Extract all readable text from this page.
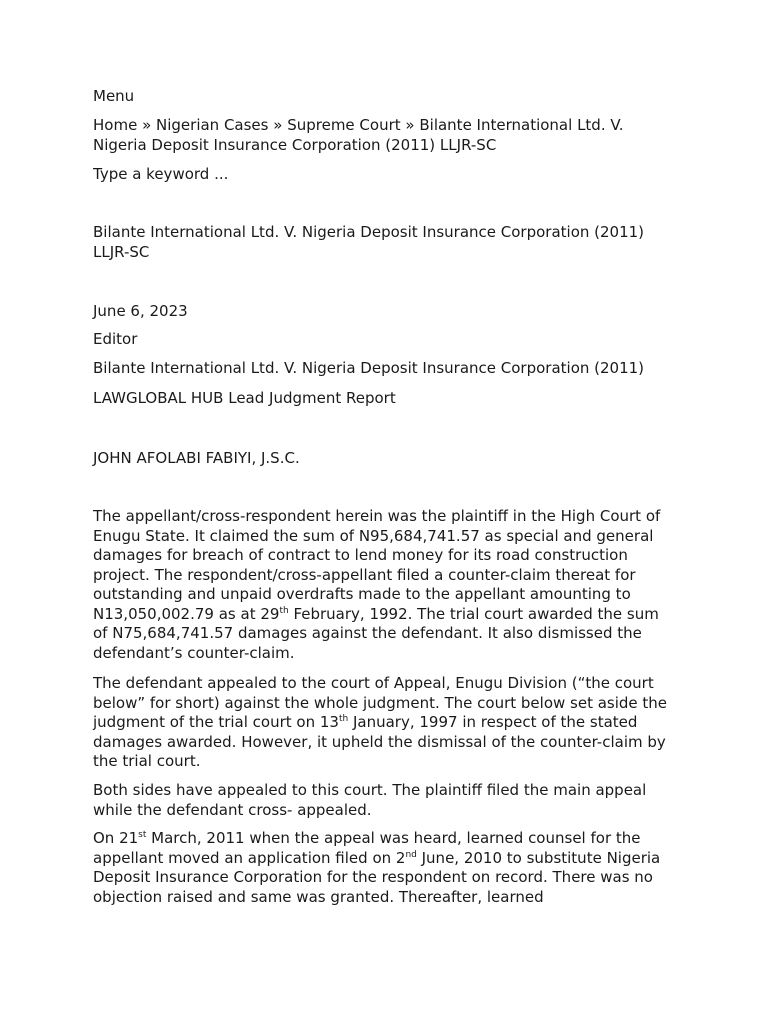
Menu
Home » Nigerian Cases » Supreme Court » Bilante International Ltd. V. Nigeria Deposit Insurance Corporation (2011) LLJR-SC
Type a keyword ...
Bilante International Ltd. V. Nigeria Deposit Insurance Corporation (2011) LLJR-SC
June 6, 2023
Editor
Bilante International Ltd. V. Nigeria Deposit Insurance Corporation (2011)
LAWGLOBAL HUB Lead Judgment Report
JOHN AFOLABI FABIYI, J.S.C.

The appellant/cross-respondent herein was the plaintiff in the High Court of Enugu State. It claimed the sum of N95,684,741.57 as special and general damages for breach of contract to lend money for its road construction project. The respondent/cross-appellant filed a counter-claim thereat for outstanding and unpaid overdrafts made to the appellant amounting to N13,050,002.79 as at 29th February, 1992. The trial court awarded the sum of N75,684,741.57 damages against the defendant. It also dismissed the defendant’s counter-claim.

The defendant appealed to the court of Appeal, Enugu Division (“the court below” for short) against the whole judgment. The court below set aside the judgment of the trial court on 13th January, 1997 in respect of the stated damages awarded. However, it upheld the dismissal of the counter-claim by the trial court.

Both sides have appealed to this court. The plaintiff filed the main appeal while the defendant cross- appealed.

On 21st March, 2011 when the appeal was heard, learned counsel for the appellant moved an application filed on 2nd June, 2010 to substitute Nigeria Deposit Insurance Corporation for the respondent on record. There was no objection raised and same was granted. Thereafter, learned
